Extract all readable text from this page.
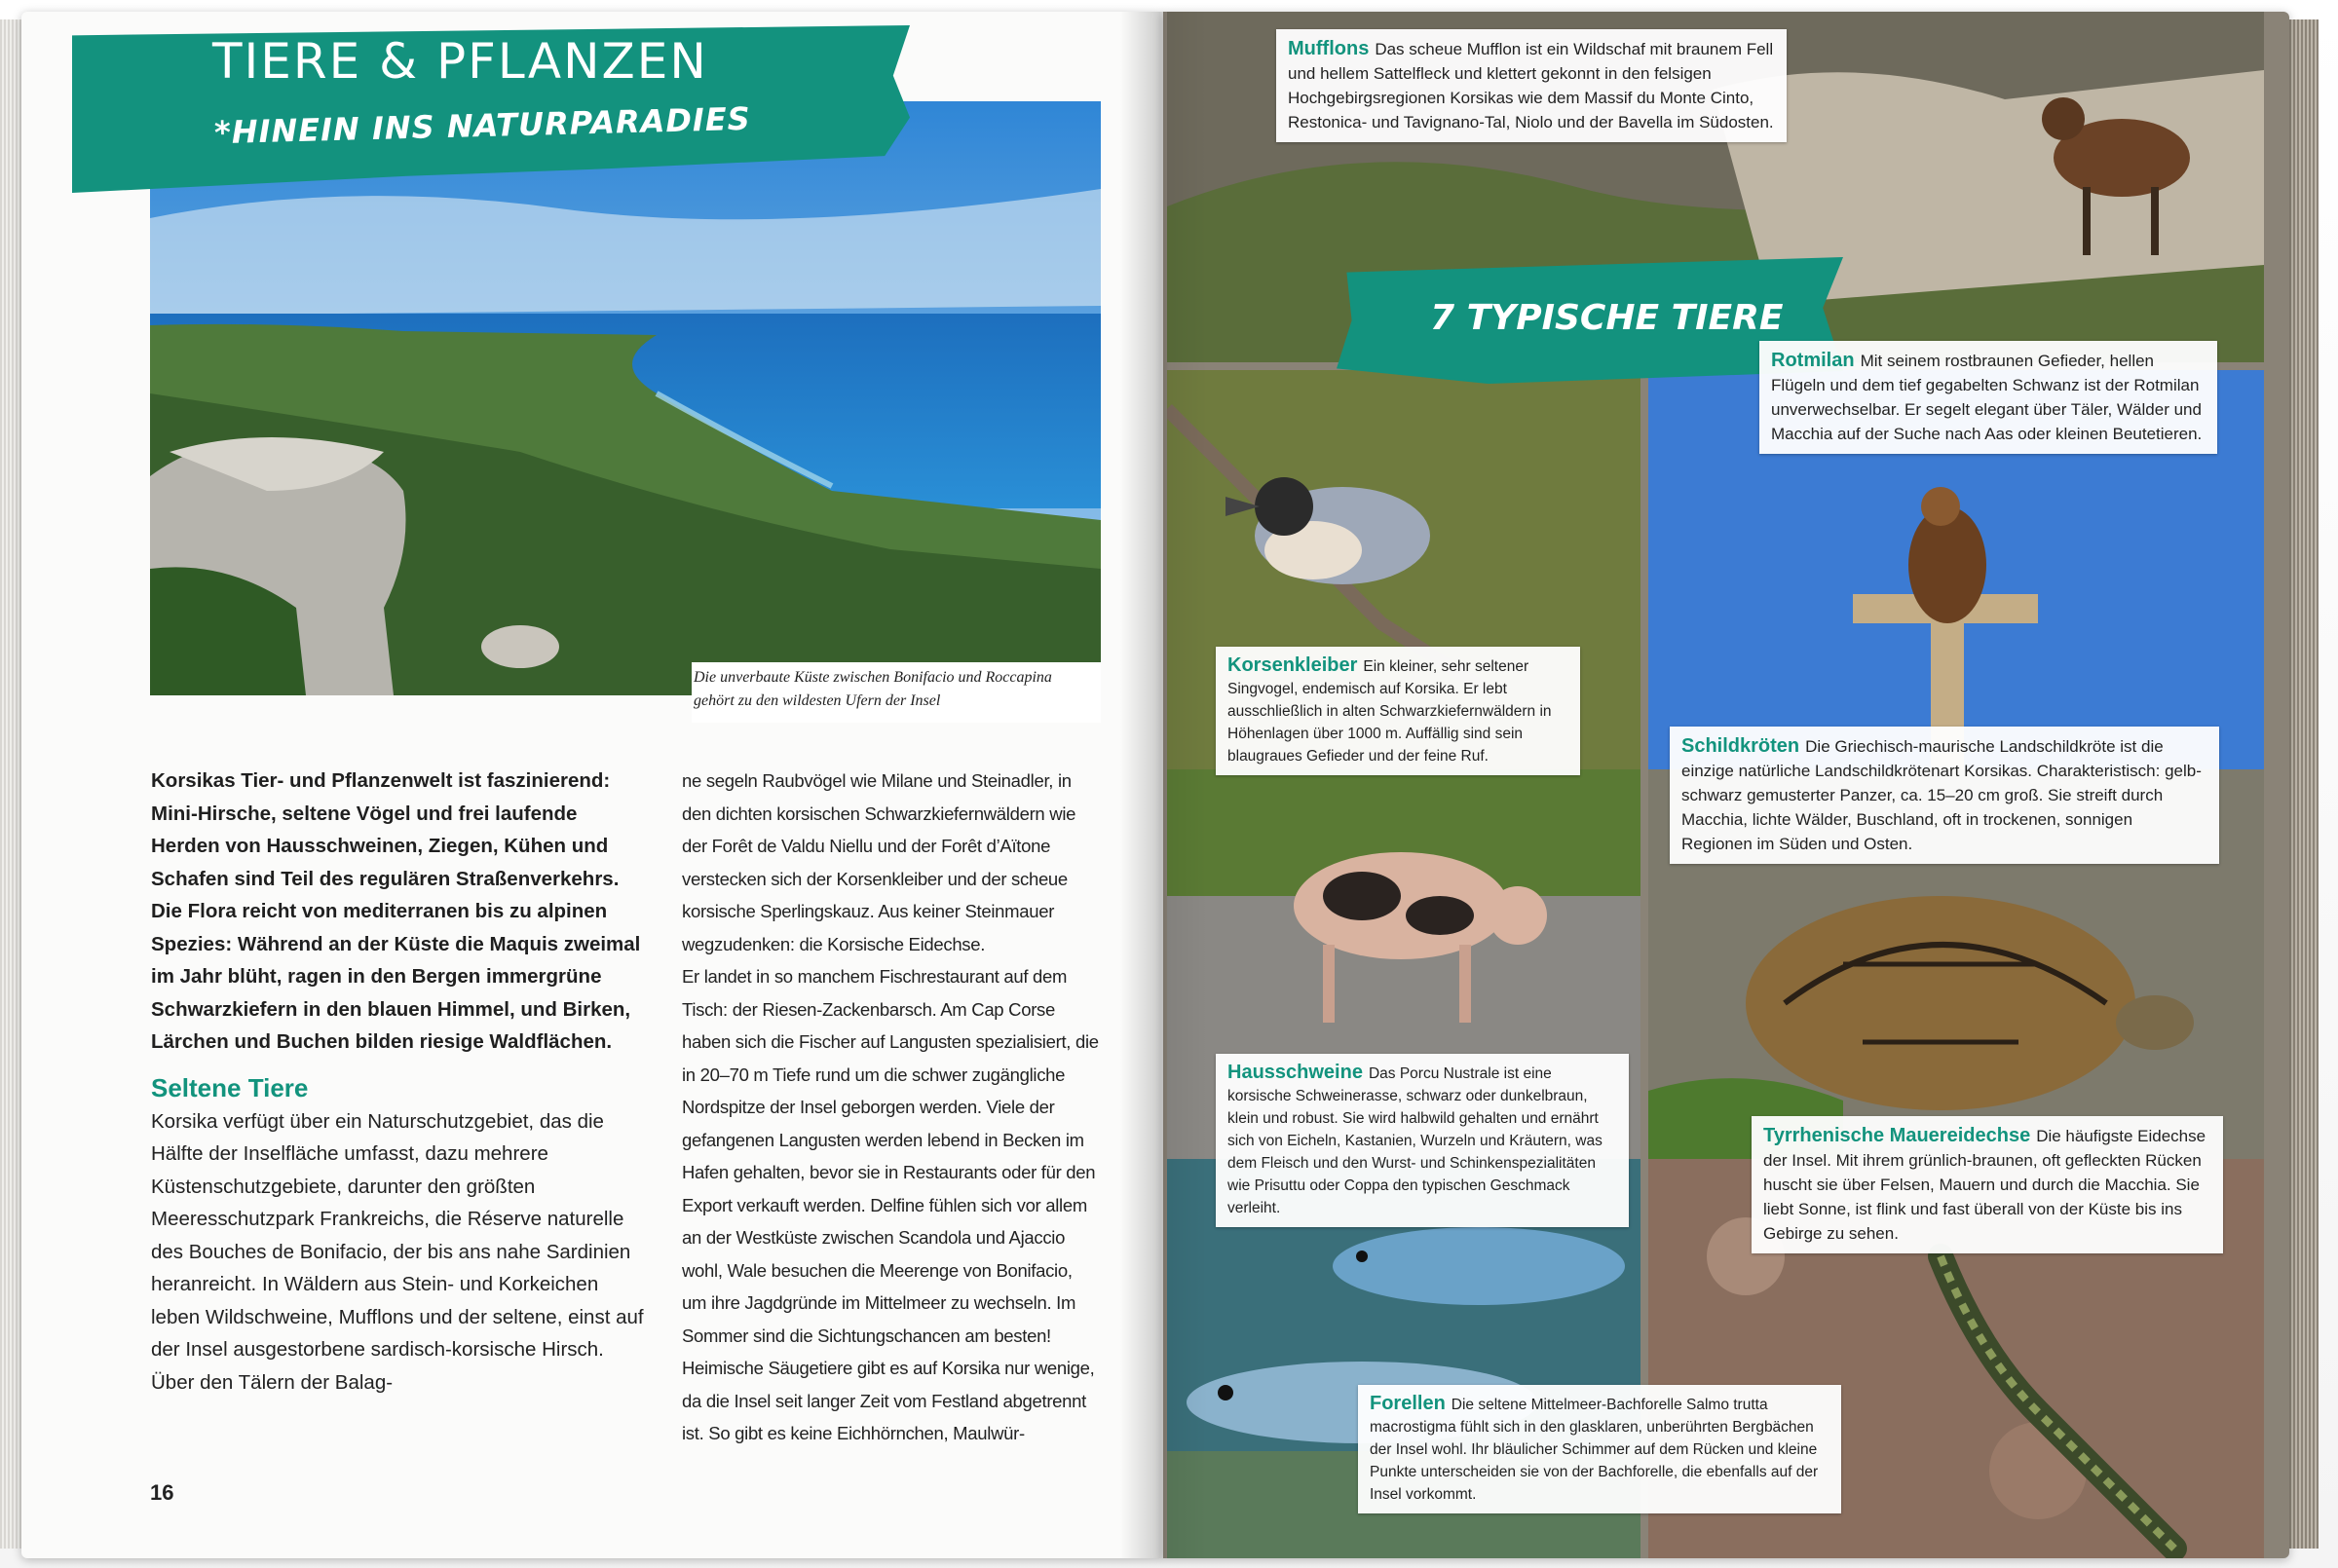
TIERE & PFLANZEN
*HINEIN INS NATURPARADIES
Die unverbaute Küste zwischen Bonifacio und Roccapina gehört zu den wildesten Ufern der Insel

Korsikas Tier- und Pflanzenwelt ist faszinierend: Mini-Hirsche, seltene Vögel und frei laufende Herden von Hausschweinen, Ziegen, Kühen und Schafen sind Teil des regulären Straßenverkehrs. Die Flora reicht von mediterranen bis zu alpinen Spezies: Während an der Küste die Maquis zweimal im Jahr blüht, ragen in den Bergen immergrüne Schwarzkiefern in den blauen Himmel, und Birken, Lärchen und Buchen bilden riesige Waldflächen.

Seltene Tiere

Korsika verfügt über ein Naturschutzgebiet, das die Hälfte der Inselfläche umfasst, dazu mehrere Küstenschutzgebiete, darunter den größten Meeresschutzpark Frankreichs, die Réserve naturelle des Bouches de Bonifacio, der bis ans nahe Sardinien heranreicht. In Wäldern aus Stein- und Korkeichen leben Wildschweine, Mufflons und der seltene, einst auf der Insel ausgestorbene sardisch-korsische Hirsch. Über den Tälern der Balag-

ne segeln Raubvögel wie Milane und Steinadler, in den dichten korsischen Schwarzkiefernwäldern wie der Forêt de Valdu Niellu und der Forêt d’Aïtone verstecken sich der Korsenkleiber und der scheue korsische Sperlingskauz. Aus keiner Steinmauer wegzudenken: die Korsische Eidechse.

Er landet in so manchem Fischrestaurant auf dem Tisch: der Riesen-Zackenbarsch. Am Cap Corse haben sich die Fischer auf Langusten spezialisiert, die in 20–70 m Tiefe rund um die schwer zugängliche Nordspitze der Insel geborgen werden. Viele der gefangenen Langusten werden lebend in Becken im Hafen gehalten, bevor sie in Restaurants oder für den Export verkauft werden. Delfine fühlen sich vor allem an der Westküste zwischen Scandola und Ajaccio wohl, Wale besuchen die Meerenge von Bonifacio, um ihre Jagdgründe im Mittelmeer zu wechseln. Im Sommer sind die Sichtungschancen am besten! Heimische Säugetiere gibt es auf Korsika nur wenige, da die Insel seit langer Zeit vom Festland abgetrennt ist. So gibt es keine Eichhörnchen, Maulwür-

16
7 TYPISCHE TIERE
Mufflons Das scheue Mufflon ist ein Wildschaf mit braunem Fell und hellem Sattelfleck und klettert gekonnt in den felsigen Hochgebirgsregionen Korsikas wie dem Massif du Monte Cinto, Restonica- und Tavignano-Tal, Niolo und der Bavella im Südosten.
Rotmilan Mit seinem rostbraunen Gefieder, hellen Flügeln und dem tief gegabelten Schwanz ist der Rotmilan unverwechselbar. Er segelt elegant über Täler, Wälder und Macchia auf der Suche nach Aas oder kleinen Beutetieren.
Korsenkleiber Ein kleiner, sehr seltener Singvogel, endemisch auf Korsika. Er lebt ausschließlich in alten Schwarzkiefernwäldern in Höhenlagen über 1000 m. Auffällig sind sein blaugraues Gefieder und der feine Ruf.	Schildkröten Die Griechisch-maurische Landschildkröte ist die einzige natürliche Landschildkrötenart Korsikas. Charakteristisch: gelb-schwarz gemusterter Panzer, ca. 15–20 cm groß. Sie streift durch Macchia, lichte Wälder, Buschland, oft in trockenen, sonnigen Regionen im Süden und Osten.
Hausschweine Das Porcu Nustrale ist eine korsische Schweinerasse, schwarz oder dunkelbraun, klein und robust. Sie wird halbwild gehalten und ernährt sich von Eicheln, Kastanien, Wurzeln und Kräutern, was dem Fleisch und den Wurst- und Schinkenspezialitäten wie Prisuttu oder Coppa den typischen Geschmack verleiht.
Tyrrhenische Mauereidechse Die häufigste Eidechse der Insel. Mit ihrem grünlich-braunen, oft gefleckten Rücken huscht sie über Felsen, Mauern und durch die Macchia. Sie liebt Sonne, ist flink und fast überall von der Küste bis ins Gebirge zu sehen.
Forellen Die seltene Mittelmeer-Bachforelle Salmo trutta macrostigma fühlt sich in den glasklaren, unberührten Bergbächen der Insel wohl. Ihr bläulicher Schimmer auf dem Rücken und kleine Punkte unterscheiden sie von der Bachforelle, die ebenfalls auf der Insel vorkommt.
